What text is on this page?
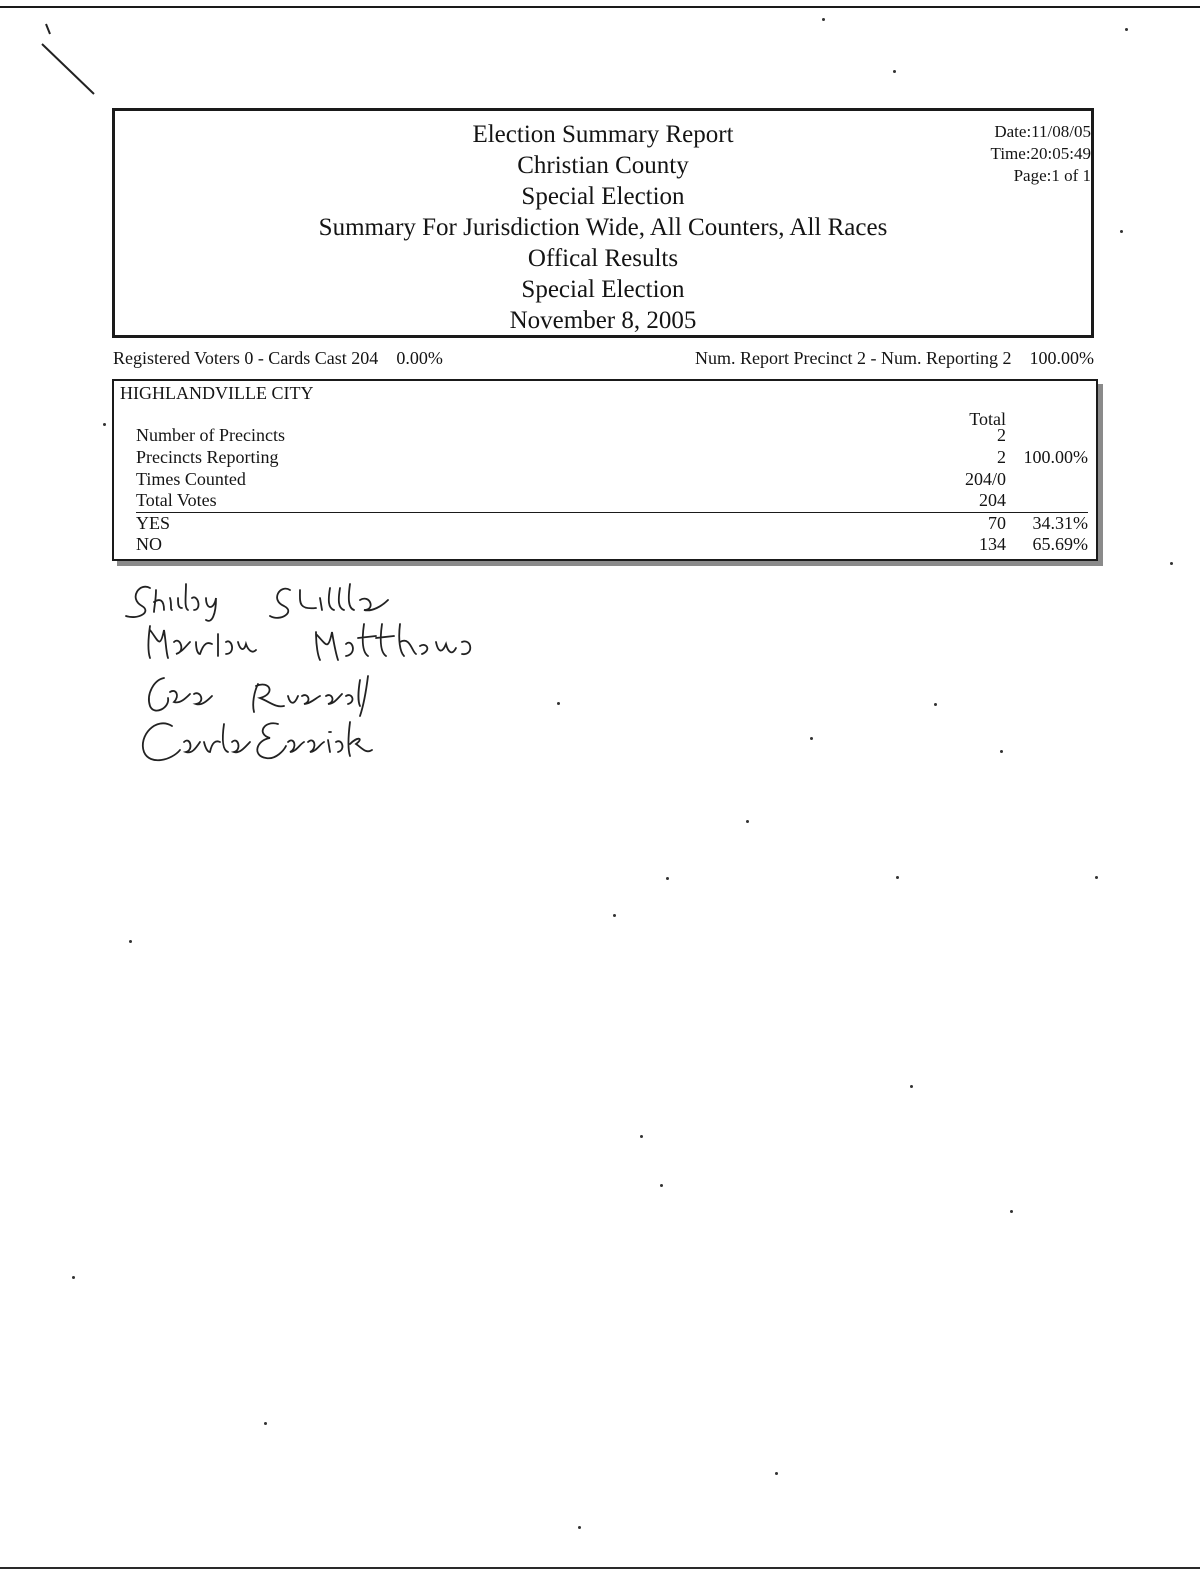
Election Summary Report
Christian County
Special Election
Summary For Jurisdiction Wide, All Counters, All Races
Offical Results
Special Election
November 8, 2005
Date:11/08/05
Time:20:05:49
Page:1 of 1
Registered Voters 0 - Cards Cast 204 0.00%	Num. Report Precinct 2 - Num. Reporting 2 100.00%
HIGHLANDVILLE CITY
Total
Number of Precincts	2
Precincts Reporting	2 100.00%
Times Counted	204/0
Total Votes	204
YES	70	34.31%
NO	134	65.69%
